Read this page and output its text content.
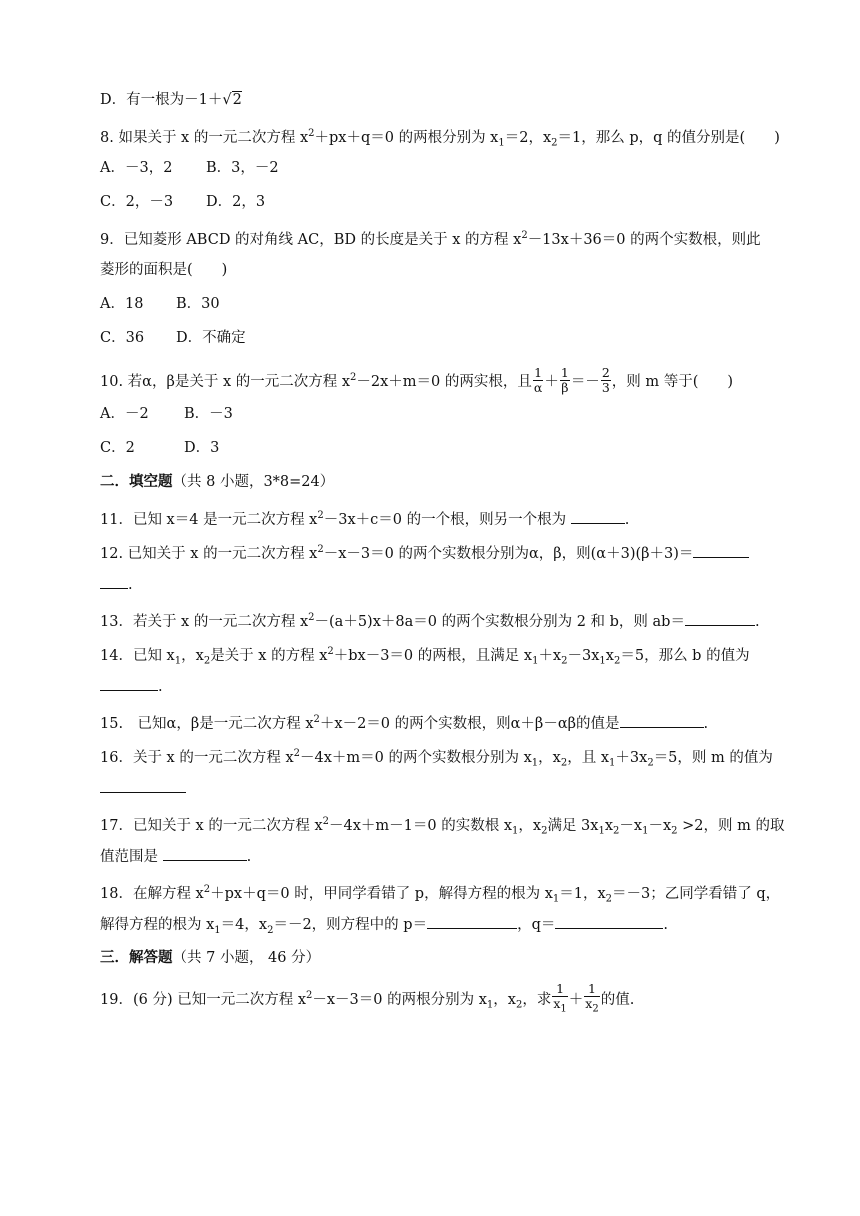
D．有一根为－1＋√2
8. 如果关于 x 的一元二次方程 $x^2+px+q=0$ 的两根分别为 $x_1=2$，$x_2=1$，那么 p，q 的值分别是(　　)
A．－3，2 B．3，－2
C．2，－3 D．2，3
9．已知菱形 ABCD 的对角线 AC，BD 的长度是关于 x 的方程 $x^2-13x+36=0$ 的两个实数根，则此
菱形的面积是(　　)
A．18 B．30
C．36 D．不确定
10. 若α，β是关于 x 的一元二次方程 $x^2-2x+m=0$ 的两实根，且 $\frac{1}{\alpha} + \frac{1}{\beta} =- \frac{2}{3}$ ，则 m 等于(　　)
A．－2 B．－3
C．2	D．3
二．填空题（共 8 小题，3*8=24）
11．已知 x＝4 是一元二次方程 $x^2-3x+c=0$ 的一个根，则另一个根为	.
12. 已知关于 x 的一元二次方程 $x^2-x-3=0$ 的两个实数根分别为α，β，则(α＋3)(β＋3)＝
.
13．若关于 x 的一元二次方程 $x^2-(a+5)x+8a=0$ 的两个实数根分别为 2 和 b，则 ab＝	.
14．已知 $x_1$，$x_2$是关于 x 的方程 $x^2+bx-3=0$ 的两根，且满足 $x_1+x_2-3x_1x_2=5$，那么 b 的值为
.
15.　已知α，β是一元二次方程 $x^2+x-2=0$ 的两个实数根，则α＋β－αβ的值是	.
16．关于 x 的一元二次方程 $x^2-4x+m=0$ 的两个实数根分别为 $x_1$，$x_2$，且 $x_1+3x_2=5$，则 m 的值为
17．已知关于 x 的一元二次方程 $x^2-4x+m-1=0$ 的实数根 $x_1$，$x_2$满足 $3x_1x_2-x_1-x_2 >2$，则 m 的取
值范围是	.
18．在解方程 $x^2+px+q=0$ 时，甲同学看错了 p，解得方程的根为 $x_1=1$，$x_2=-3$；乙同学看错了 q，
解得方程的根为 $x_1=4$，$x_2=-2$，则方程中的 p＝	，q＝	.
三．解答题（共 7 小题， 46 分）
19．(6 分) 已知一元二次方程 $x^2-x-3=0$ 的两根分别为 $x_1$，$x_2$，求 $\frac{1}{x_1} + \frac{1}{x_2}$ 的值.
